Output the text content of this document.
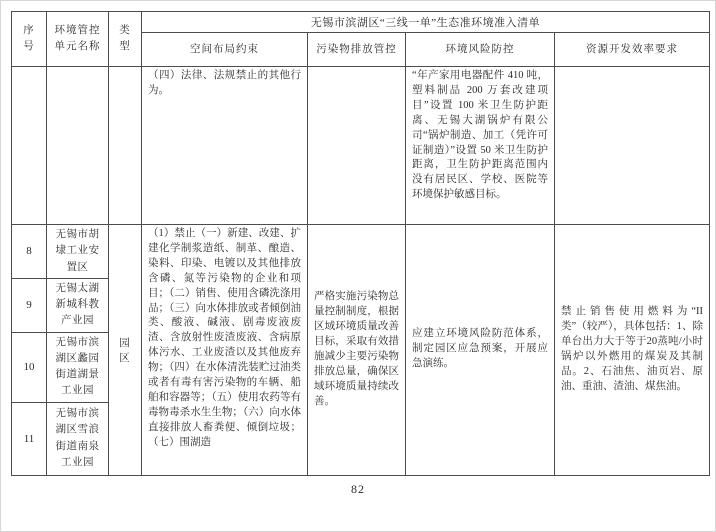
序号	环境管控单元名称	类型	无锡市滨湖区“三线一单”生态准环境准入清单			
			空间布局约束	污染物排放管控	环境风险防控	资源开发效率要求
			（四）法律、法规禁止的其他行为。		“年产家用电器配件 410 吨，塑料制品 200 万套改建项目”设置 100 米卫生防护距离、无锡大湖锅炉有限公司“锅炉制造、加工（凭许可证制造）”设置 50 米卫生防护距离，卫生防护距离范围内没有居民区、学校、医院等环境保护敏感目标。	
8	无锡市胡埭工业安置区	园区	（1）禁止（一）新建、改建、扩建化学制浆造纸、制革、酿造、染料、印染、电镀以及其他排放含磷、氮等污染物的企业和项目；（二）销售、使用含磷洗涤用品；（三）向水体排放或者倾倒油类、酸液、碱液、剧毒废液废渣、含放射性废渣废液、含病原体污水、工业废渣以及其他废弃物；（四）在水体清洗装贮过油类或者有毒有害污染物的车辆、船舶和容器等；（五）使用农药等有毒物毒杀水生生物；（六）向水体直接排放人畜粪便、倾倒垃圾；（七）围湖造	严格实施污染物总量控制制度，根据区域环境质量改善目标，采取有效措施减少主要污染物排放总量，确保区域环境质量持续改善。	应建立环境风险防范体系，制定园区应急预案，开展应急演练。	禁止销售使用燃料为“II类”（较严），具体包括：1、除单台出力大于等于20蒸吨/小时锅炉以外燃用的煤炭及其制品。2、石油焦、油页岩、原油、重油、渣油、煤焦油。
9	无锡太湖新城科教产业园					
10	无锡市滨湖区蠡园街道湖景工业园					
11	无锡市滨湖区雪浪街道南泉工业园					
82
